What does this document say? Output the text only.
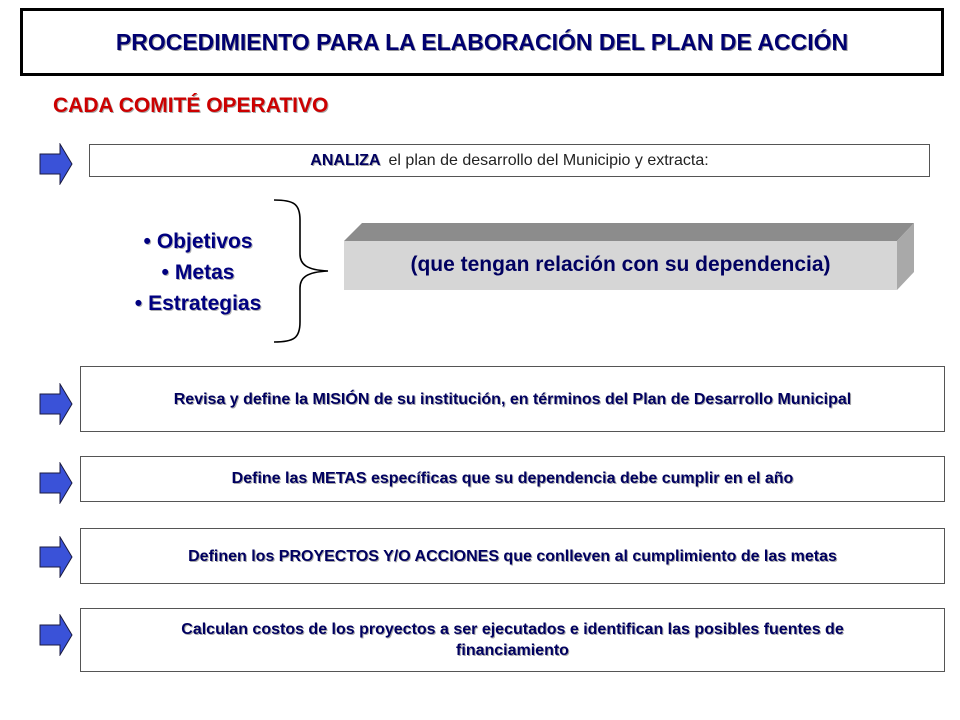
PROCEDIMIENTO PARA LA ELABORACIÓN DEL PLAN DE ACCIÓN
CADA COMITÉ OPERATIVO
ANALIZA el plan de desarrollo del Municipio y extracta:
• Objetivos
• Metas
• Estrategias
(que tengan relación con su dependencia)
Revisa y define la MISIÓN de su institución, en términos del Plan de Desarrollo Municipal
Define las METAS específicas que su dependencia debe cumplir en el año
Definen los PROYECTOS Y/O ACCIONES que conlleven al cumplimiento de las metas
Calculan costos de los proyectos a ser ejecutados e identifican las posibles fuentes de financiamiento
